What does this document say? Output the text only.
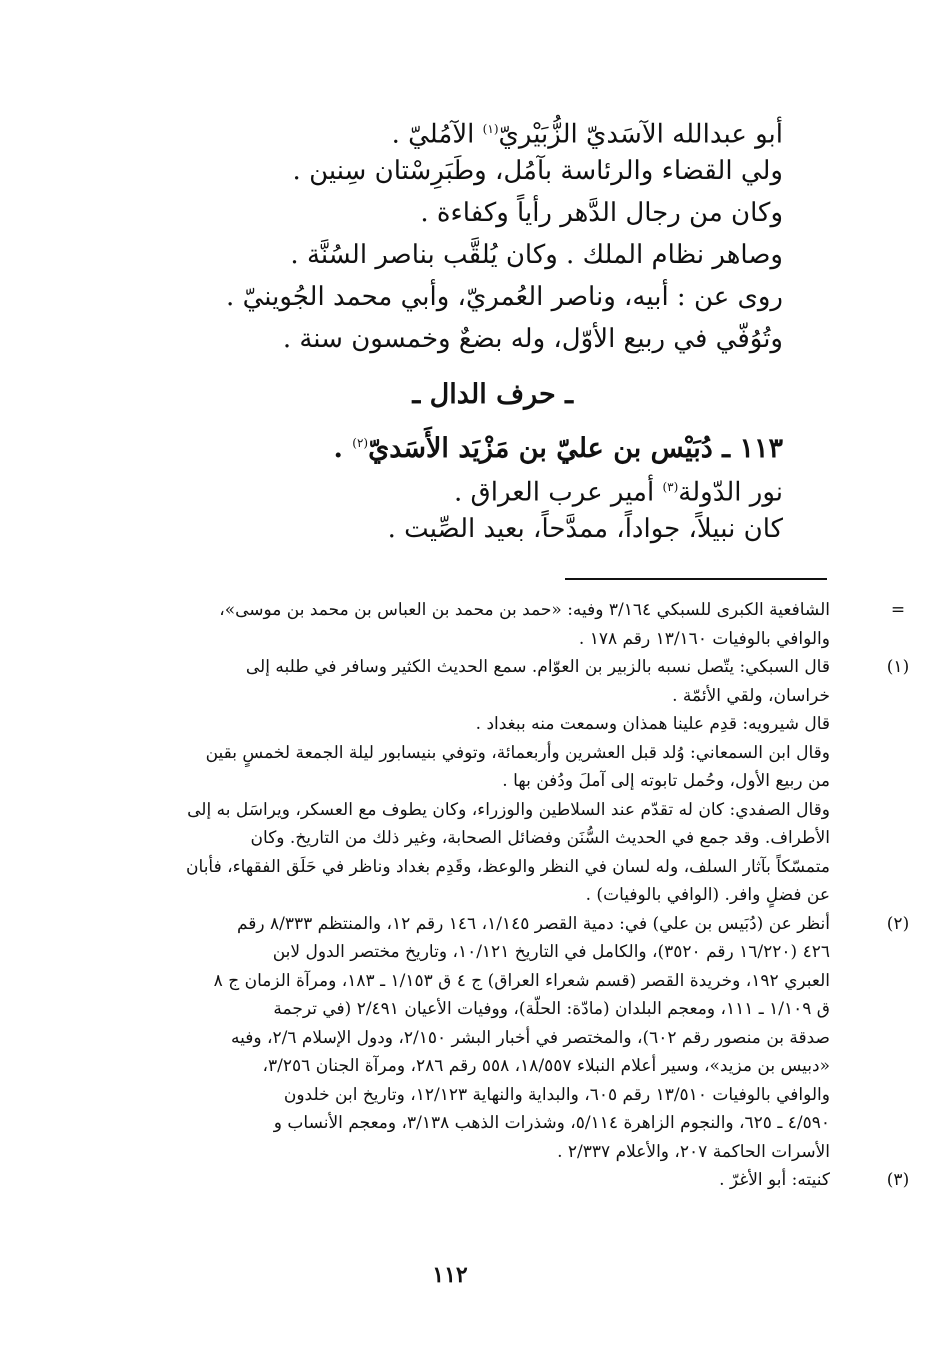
أبو عبدالله الآسَديّ الزُّبَيْريّ$^{(١)}$ الآمُليّ .
ولي القضاء والرئاسة بآمُل، وطَبَرِسْتان سِنين .
وكان من رجال الدَّهر رأياً وكفاءة .
وصاهر نظام الملك . وكان يُلقَّب بناصر السُنَّة .
روى عن : أبيه، وناصر العُمريّ، وأبي محمد الجُوينيّ .
وتُوُفّي في ربيع الأوّل، وله بضعٌ وخمسون سنة .
ـ حرف الدال ـ
١١٣ ـ دُبَيْس بن عليّ بن مَزْيَد الأَسَديّ$^{(٢)}$ .
نور الدّولة$^{(٣)}$ أمير عرب العراق .
كان نبيلاً، جواداً، ممدَّحاً، بعيد الصِّيت .
=
الشافعية الكبرى للسبكي ٣/١٦٤ وفيه: «حمد بن محمد بن العباس بن محمد بن موسى»،
والوافي بالوفيات ١٣/١٦٠ رقم ١٧٨ .
(١)
قال السبكي: يتّصل نسبه بالزبير بن العوّام. سمع الحديث الكثير وسافر في طلبه إلى
خراسان، ولقي الأئمّة .
قال شيرويه: قدِم علينا همذان وسمعت منه ببغداد .
وقال ابن السمعاني: وُلد قبل العشرين وأربعمائة، وتوفي بنيسابور ليلة الجمعة لخمسٍ بقين
من ربيع الأول، وحُمل تابوته إلى آملَ ودُفن بها .
وقال الصفدي: كان له تقدّم عند السلاطين والوزراء، وكان يطوف مع العسكر، ويراسَل به إلى
الأطراف. وقد جمع في الحديث السُّنَن وفضائل الصحابة، وغير ذلك من التاريخ. وكان
متمسّكاً بآثار السلف، وله لسان في النظر والوعظ، وقَدِم بغداد وناظر في حَلَق الفقهاء، فأبان
عن فضلٍ وافر. (الوافي بالوفيات) .
(٢)
أنظر عن (دُبَيس بن علي) في: دمية القصر ١/١٤٥، ١٤٦ رقم ١٢، والمنتظم ٨/٣٣٣ رقم
٤٢٦ (١٦/٢٢٠ رقم ٣٥٢٠)، والكامل في التاريخ ١٠/١٢١، وتاريخ مختصر الدول لابن
العبري ١٩٢، وخريدة القصر (قسم شعراء العراق) ج ٤ ق ١/١٥٣ ـ ١٨٣، ومرآة الزمان ج ٨
ق ١/١٠٩ ـ ١١١، ومعجم البلدان (مادّة: الحلّة)، ووفيات الأعيان ٢/٤٩١ (في ترجمة
صدقة بن منصور رقم ٦٠٢)، والمختصر في أخبار البشر ٢/١٥٠، ودول الإسلام ٢/٦، وفيه
«دبيس بن مزيد»، وسير أعلام النبلاء ١٨/٥٥٧، ٥٥٨ رقم ٢٨٦، ومرآة الجنان ٣/٢٥٦،
والوافي بالوفيات ١٣/٥١٠ رقم ٦٠٥، والبداية والنهاية ١٢/١٢٣، وتاريخ ابن خلدون
٤/٥٩٠ ـ ٦٢٥، والنجوم الزاهرة ٥/١١٤، وشذرات الذهب ٣/١٣٨، ومعجم الأنساب و
الأسرات الحاكمة ٢٠٧، والأعلام ٢/٣٣٧ .
(٣)
كنيته: أبو الأغرّ .
١١٢
